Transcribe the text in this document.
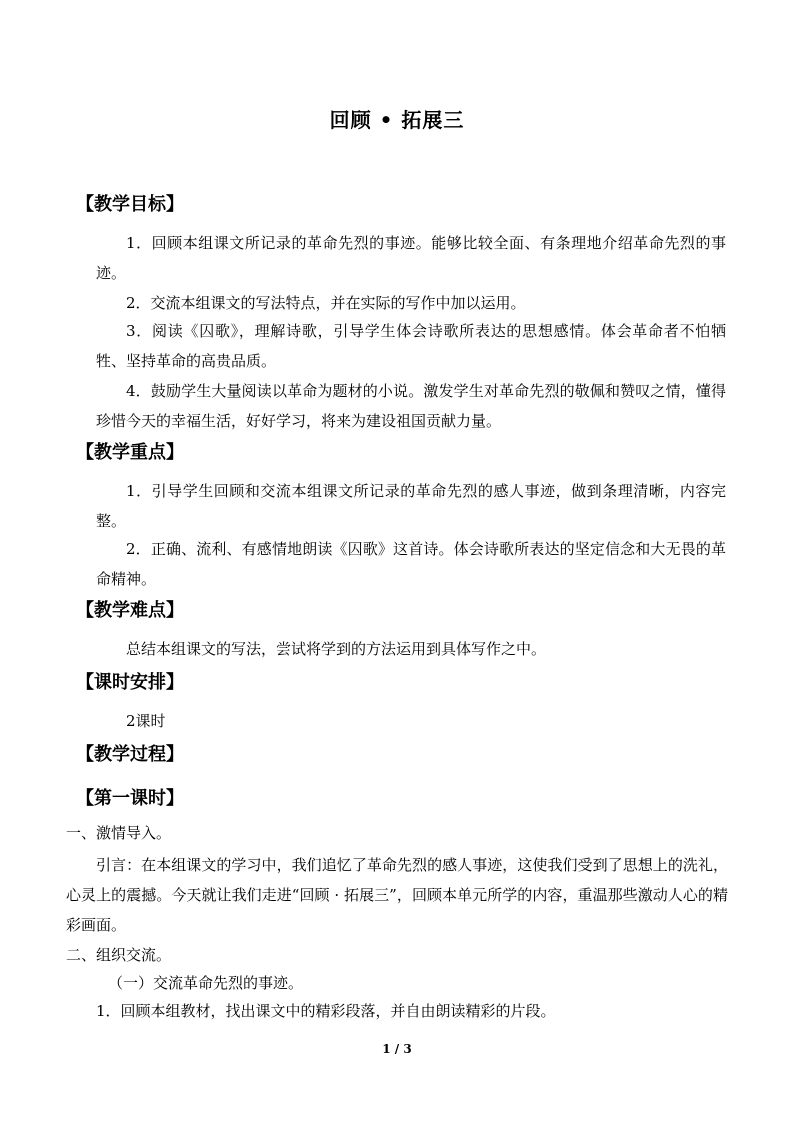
回顾 • 拓展三
【教学目标】
1．回顾本组课文所记录的革命先烈的事迹。能够比较全面、有条理地介绍革命先烈的事迹。
2．交流本组课文的写法特点，并在实际的写作中加以运用。
3．阅读《囚歌》，理解诗歌，引导学生体会诗歌所表达的思想感情。体会革命者不怕牺牲、坚持革命的高贵品质。
4．鼓励学生大量阅读以革命为题材的小说。激发学生对革命先烈的敬佩和赞叹之情，懂得珍惜今天的幸福生活，好好学习，将来为建设祖国贡献力量。
【教学重点】
1．引导学生回顾和交流本组课文所记录的革命先烈的感人事迹，做到条理清晰，内容完整。
2．正确、流利、有感情地朗读《囚歌》这首诗。体会诗歌所表达的坚定信念和大无畏的革命精神。
【教学难点】
总结本组课文的写法，尝试将学到的方法运用到具体写作之中。
【课时安排】
2课时
【教学过程】
【第一课时】
一、激情导入。
引言：在本组课文的学习中，我们追忆了革命先烈的感人事迹，这使我们受到了思想上的洗礼，心灵上的震撼。今天就让我们走进“回顾 · 拓展三”，回顾本单元所学的内容，重温那些激动人心的精彩画面。
二、组织交流。
（一）交流革命先烈的事迹。
1．回顾本组教材，找出课文中的精彩段落，并自由朗读精彩的片段。
1 / 3
